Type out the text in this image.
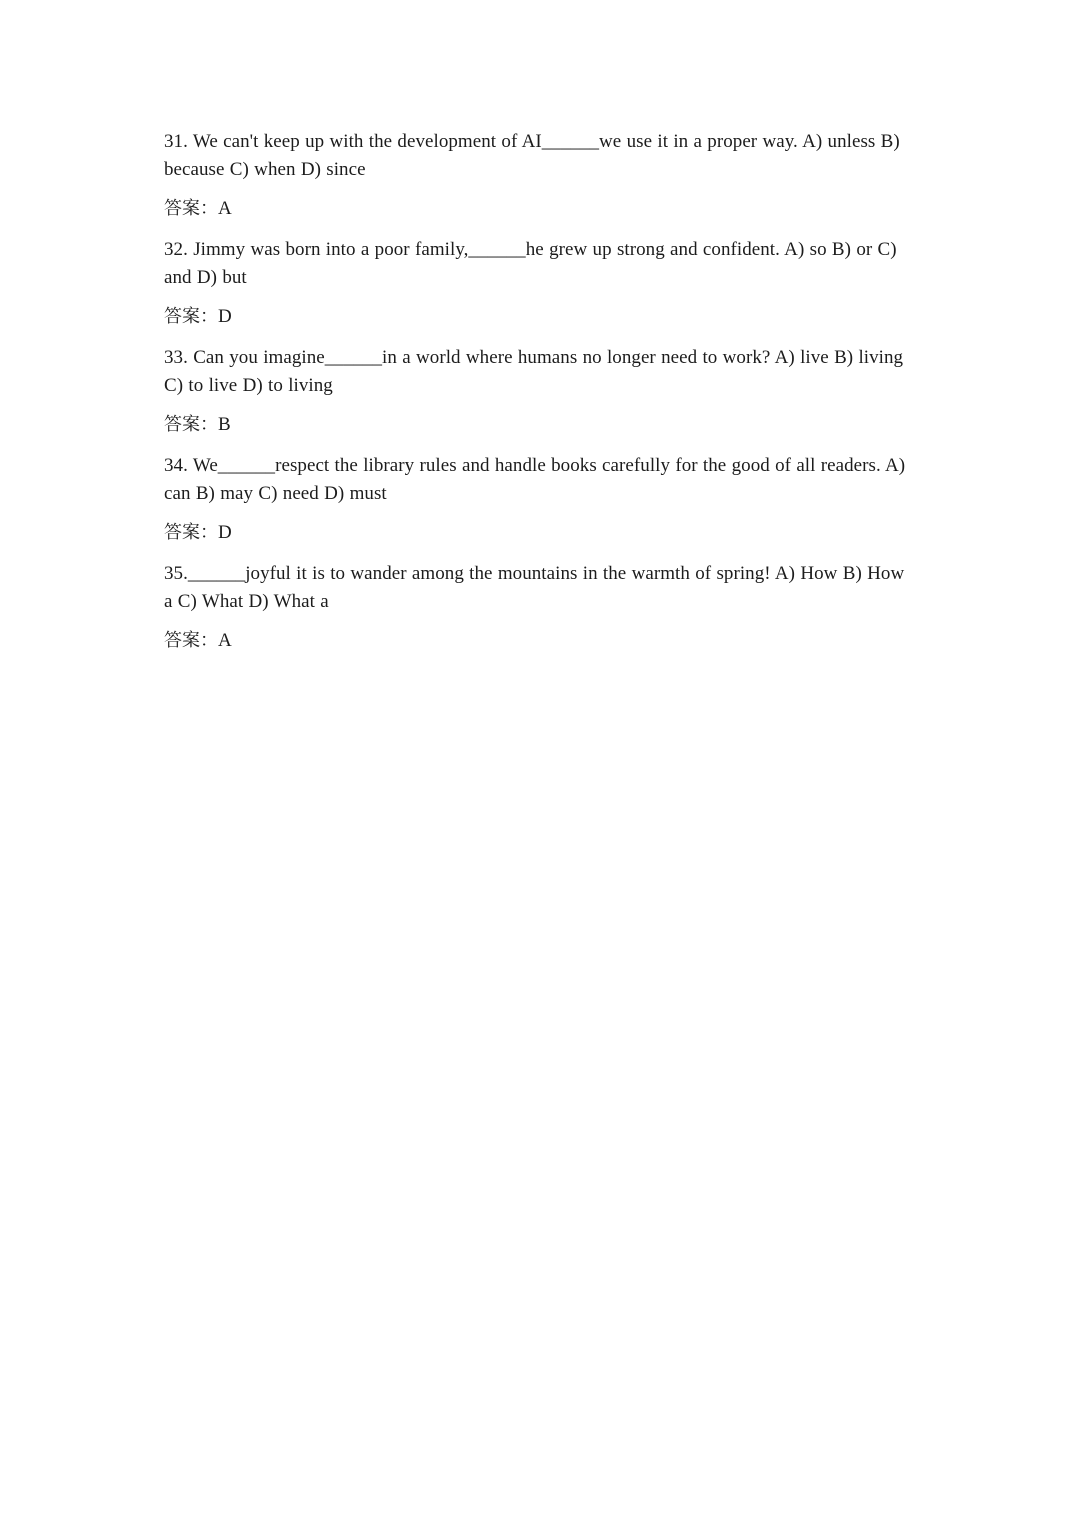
31. We can't keep up with the development of AI______we use it in a proper way. A) unless B) because C) when D) since

答案：A

32. Jimmy was born into a poor family,______he grew up strong and confident. A) so B) or C) and D) but

答案：D

33. Can you imagine______in a world where humans no longer need to work? A) live B) living C) to live D) to living

答案：B

34. We______respect the library rules and handle books carefully for the good of all readers. A) can B) may C) need D) must

答案：D

35.______joyful it is to wander among the mountains in the warmth of spring! A) How B) How a C) What D) What a

答案：A
